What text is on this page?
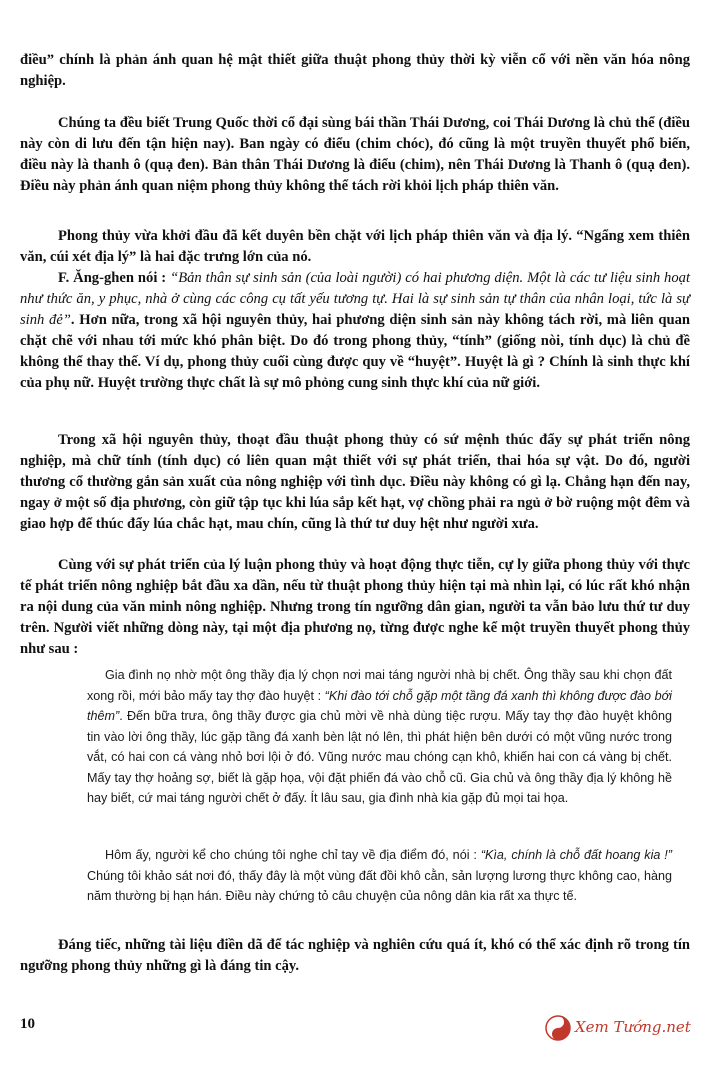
điều” chính là phản ánh quan hệ mật thiết giữa thuật phong thủy thời kỳ viễn cổ với nền văn hóa nông nghiệp.

Chúng ta đều biết Trung Quốc thời cổ đại sùng bái thần Thái Dương, coi Thái Dương là chủ thể (điều này còn di lưu đến tận hiện nay). Ban ngày có điểu (chim chóc), đó cũng là một truyền thuyết phổ biến, điều này là thanh ô (quạ đen). Bản thân Thái Dương là điểu (chim), nên Thái Dương là Thanh ô (quạ đen). Điều này phản ánh quan niệm phong thủy không thể tách rời khỏi lịch pháp thiên văn.

Phong thủy vừa khởi đầu đã kết duyên bền chặt với lịch pháp thiên văn và địa lý. “Ngẩng xem thiên văn, cúi xét địa lý” là hai đặc trưng lớn của nó.

F. Ăng-ghen nói : “Bản thân sự sinh sản (của loài người) có hai phương diện. Một là các tư liệu sinh hoạt như thức ăn, y phục, nhà ở cùng các công cụ tất yếu tương tự. Hai là sự sinh sản tự thân của nhân loại, tức là sự sinh đẻ”. Hơn nữa, trong xã hội nguyên thủy, hai phương diện sinh sản này không tách rời, mà liên quan chặt chẽ với nhau tới mức khó phân biệt. Do đó trong phong thủy, “tính” (giống nòi, tính dục) là chủ đề không thể thay thế. Ví dụ, phong thủy cuối cùng được quy về “huyệt”. Huyệt là gì ? Chính là sinh thực khí của phụ nữ. Huyệt trường thực chất là sự mô phỏng cung sinh thực khí của nữ giới.

Trong xã hội nguyên thủy, thoạt đầu thuật phong thủy có sứ mệnh thúc đẩy sự phát triển nông nghiệp, mà chữ tính (tính dục) có liên quan mật thiết với sự phát triển, thai hóa sự vật. Do đó, người thương cổ thường gắn sản xuất của nông nghiệp với tình dục. Điều này không có gì lạ. Chẳng hạn đến nay, ngay ở một số địa phương, còn giữ tập tục khi lúa sắp kết hạt, vợ chồng phải ra ngủ ở bờ ruộng một đêm và giao hợp để thúc đẩy lúa chắc hạt, mau chín, cũng là thứ tư duy hệt như người xưa.

Cùng với sự phát triển của lý luận phong thủy và hoạt động thực tiễn, cự ly giữa phong thủy với thực tế phát triển nông nghiệp bắt đầu xa dần, nếu từ thuật phong thủy hiện tại mà nhìn lại, có lúc rất khó nhận ra nội dung của văn minh nông nghiệp. Nhưng trong tín ngưỡng dân gian, người ta vẫn bảo lưu thứ tư duy trên. Người viết những dòng này, tại một địa phương nọ, từng được nghe kể một truyền thuyết phong thủy như sau :

Gia đình nọ nhờ một ông thầy địa lý chọn nơi mai táng người nhà bị chết. Ông thầy sau khi chọn đất xong rồi, mới bảo mấy tay thợ đào huyệt : “Khi đào tới chỗ gặp một tầng đá xanh thì không được đào bới thêm”. Đến bữa trưa, ông thầy được gia chủ mời về nhà dùng tiệc rượu. Mấy tay thợ đào huyệt không tin vào lời ông thầy, lúc gặp tầng đá xanh bèn lật nó lên, thì phát hiện bên dưới có một vũng nước trong vắt, có hai con cá vàng nhỏ bơi lội ở đó. Vũng nước mau chóng cạn khô, khiến hai con cá vàng bị chết. Mấy tay thợ hoảng sợ, biết là gặp họa, vội đặt phiến đá vào chỗ cũ. Gia chủ và ông thầy địa lý không hề hay biết, cứ mai táng người chết ở đấy. Ít lâu sau, gia đình nhà kia gặp đủ mọi tai họa.

Hôm ấy, người kể cho chúng tôi nghe chỉ tay về địa điểm đó, nói : “Kìa, chính là chỗ đất hoang kia !” Chúng tôi khảo sát nơi đó, thấy đây là một vùng đất đồi khô cằn, sản lượng lương thực không cao, hàng năm thường bị hạn hán. Điều này chứng tỏ câu chuyện của nông dân kia rất xa thực tế.

Đáng tiếc, những tài liệu điền dã để tác nghiệp và nghiên cứu quá ít, khó có thể xác định rõ trong tín ngưỡng phong thủy những gì là đáng tin cậy.

10	Xem Tướng.net
